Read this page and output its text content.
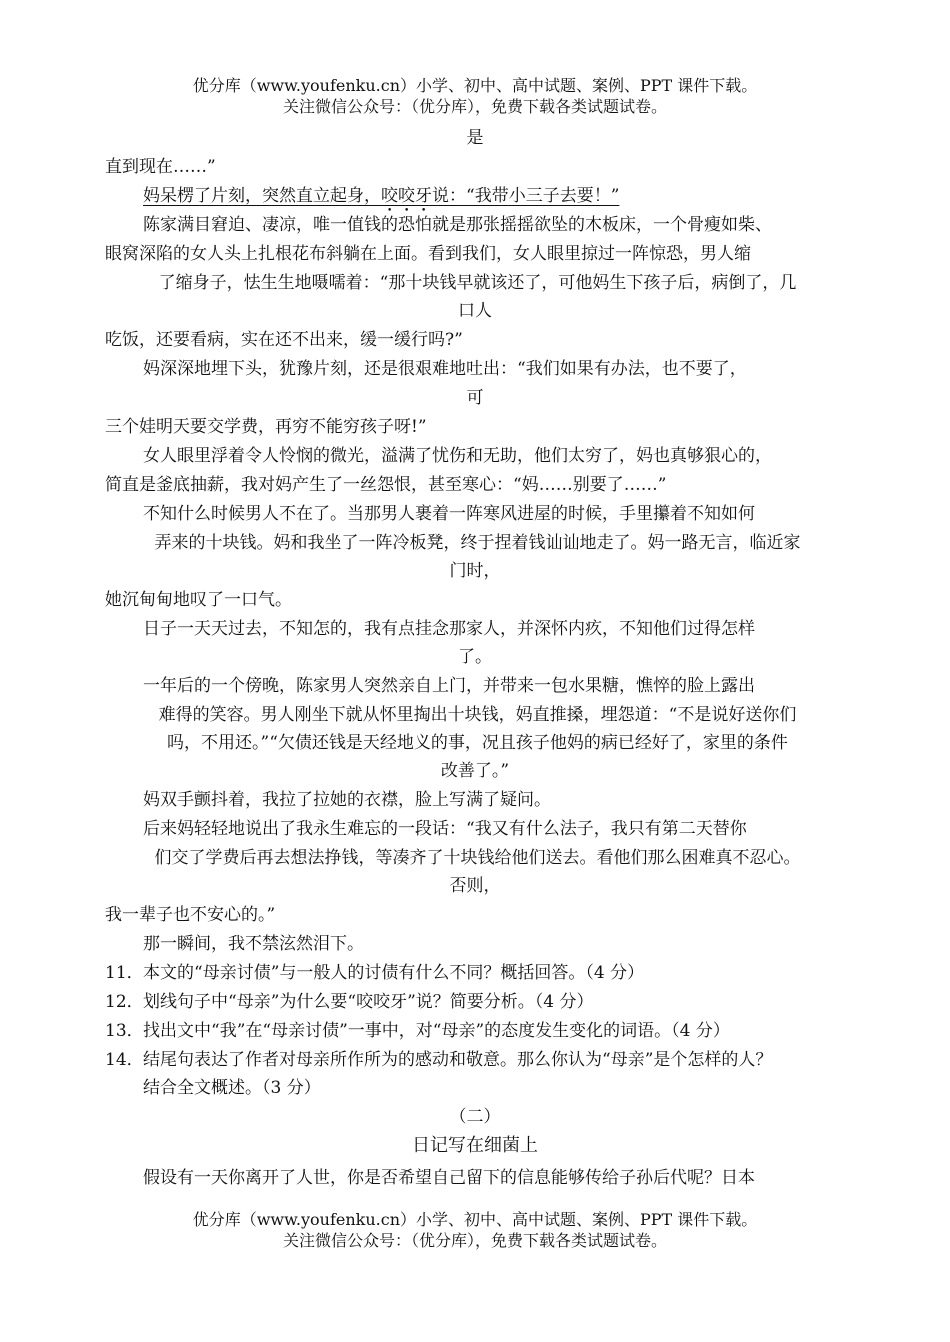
优分库（www.youfenku.cn）小学、初中、高中试题、案例、PPT 课件下载。
关注微信公众号：（优分库），免费下载各类试题试卷。
是
直到现在……”
妈呆楞了片刻，突然直立起身，咬咬牙说：“我带小三子去要！”
陈家满目窘迫、凄凉，唯一值钱的恐怕就是那张摇摇欲坠的木板床，一个骨瘦如柴、
眼窝深陷的女人头上扎根花布斜躺在上面。看到我们，女人眼里掠过一阵惊恐，男人缩
了缩身子，怯生生地嗫嚅着：“那十块钱早就该还了，可他妈生下孩子后，病倒了，几
口人
吃饭，还要看病，实在还不出来，缓一缓行吗?”
妈深深地埋下头，犹豫片刻，还是很艰难地吐出：“我们如果有办法，也不要了，
可
三个娃明天要交学费，再穷不能穷孩子呀!”
女人眼里浮着令人怜悯的微光，溢满了忧伤和无助，他们太穷了，妈也真够狠心的，
简直是釜底抽薪，我对妈产生了一丝怨恨，甚至寒心：“妈……别要了……”
不知什么时候男人不在了。当那男人裹着一阵寒风进屋的时候，手里攥着不知如何
弄来的十块钱。妈和我坐了一阵冷板凳，终于捏着钱讪讪地走了。妈一路无言，临近家
门时，
她沉甸甸地叹了一口气。
日子一天天过去，不知怎的，我有点挂念那家人，并深怀内疚，不知他们过得怎样
了。
一年后的一个傍晚，陈家男人突然亲自上门，并带来一包水果糖，憔悴的脸上露出
难得的笑容。男人刚坐下就从怀里掏出十块钱，妈直推搡，埋怨道：“不是说好送你们
吗，不用还。”“欠债还钱是天经地义的事，况且孩子他妈的病已经好了，家里的条件
改善了。”
妈双手颤抖着，我拉了拉她的衣襟，脸上写满了疑问。
后来妈轻轻地说出了我永生难忘的一段话：“我又有什么法子，我只有第二天替你
们交了学费后再去想法挣钱，等凑齐了十块钱给他们送去。看他们那么困难真不忍心。
否则，
我一辈子也不安心的。”
那一瞬间，我不禁泫然泪下。
11． 本文的“母亲讨债”与一般人的讨债有什么不同？概括回答。（4 分）
12． 划线句子中“母亲”为什么要“咬咬牙”说？简要分析。（4 分）
13． 找出文中“我”在“母亲讨债”一事中，对“母亲”的态度发生变化的词语。（4 分）
14． 结尾句表达了作者对母亲所作所为的感动和敬意。那么你认为“母亲”是个怎样的人？
结合全文概述。（3 分）
（二）
日记写在细菌上
假设有一天你离开了人世，你是否希望自己留下的信息能够传给子孙后代呢？日本
优分库（www.youfenku.cn）小学、初中、高中试题、案例、PPT 课件下载。
关注微信公众号：（优分库），免费下载各类试题试卷。
